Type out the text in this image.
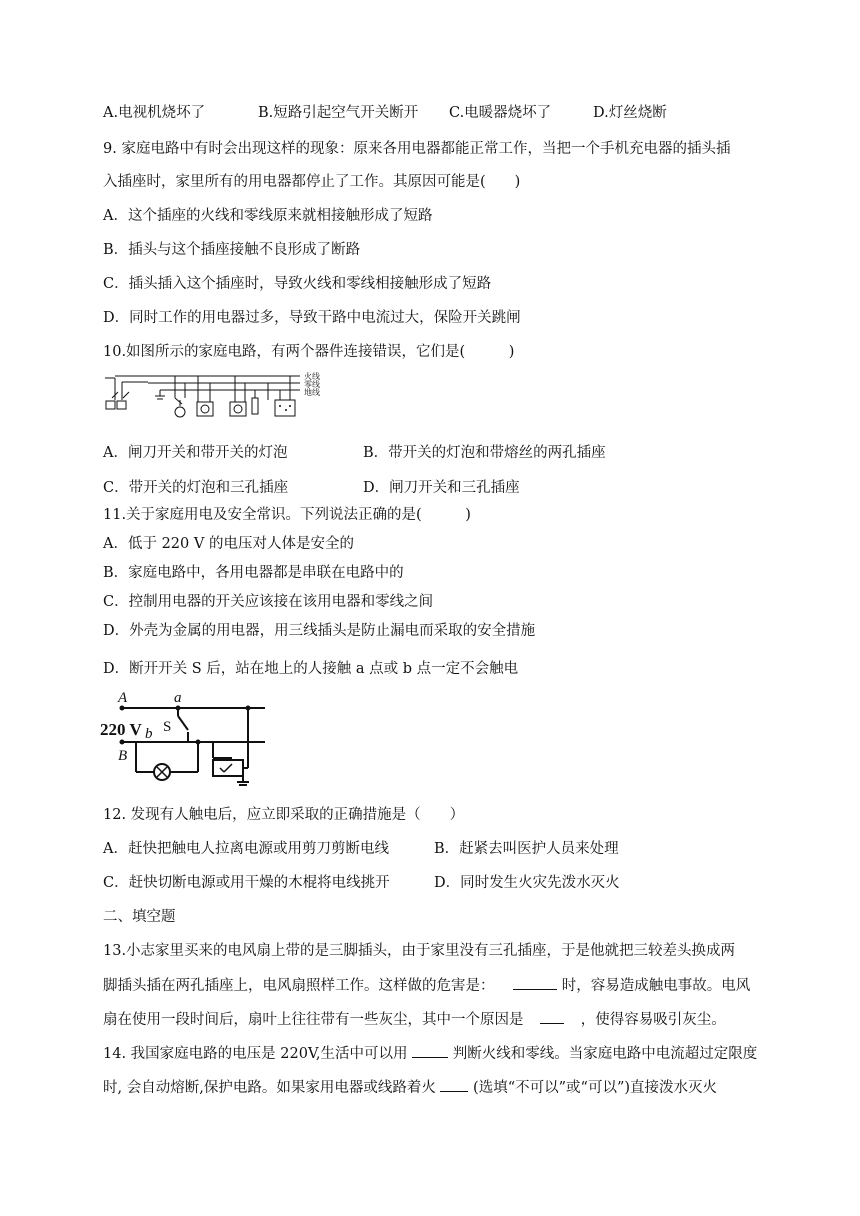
A.电视机烧坏了	B.短路引起空气开关断开 C.电暖器烧坏了	D.灯丝烧断
9. 家庭电路中有时会出现这样的现象：原来各用电器都能正常工作，当把一个手机充电器的插头插
入插座时，家里所有的用电器都停止了工作。其原因可能是(　　)
A．这个插座的火线和零线原来就相接触形成了短路
B．插头与这个插座接触不良形成了断路
C．插头插入这个插座时，导致火线和零线相接触形成了短路
D．同时工作的用电器过多，导致干路中电流过大，保险开关跳闸
10.如图所示的家庭电路，有两个器件连接错误，它们是(　　　)
火线
零线
地线
A．闸刀开关和带开关的灯泡	B．带开关的灯泡和带熔丝的两孔插座
C．带开关的灯泡和三孔插座	D．闸刀开关和三孔插座
11.关于家庭用电及安全常识。下列说法正确的是(　　　)
A．低于 220 V 的电压对人体是安全的
B．家庭电路中，各用电器都是串联在电路中的
C．控制用电器的开关应该接在该用电器和零线之间
D．外壳为金属的用电器，用三线插头是防止漏电而采取的安全措施
D．断开开关 S 后，站在地上的人接触 a 点或 b 点一定不会触电
A	a
220 V b S
B
12. 发现有人触电后，应立即采取的正确措施是（　　）
A．赶快把触电人拉离电源或用剪刀剪断电线	B．赶紧去叫医护人员来处理
C．赶快切断电源或用干燥的木棍将电线挑开	D．同时发生火灾先泼水灭火
二、填空题
13.小志家里买来的电风扇上带的是三脚插头，由于家里没有三孔插座，于是他就把三较差头换成两
脚插头插在两孔插座上，电风扇照样工作。这样做的危害是：	时，容易造成触电事故。电风
扇在使用一段时间后，扇叶上往往带有一些灰尘，其中一个原因是	，使得容易吸引灰尘。
14. 我国家庭电路的电压是 220V,生活中可以用	判断火线和零线。当家庭电路中电流超过定限度
时, 会自动熔断,保护电路。如果家用电器或线路着火	(选填“不可以”或“可以”)直接泼水灭火
